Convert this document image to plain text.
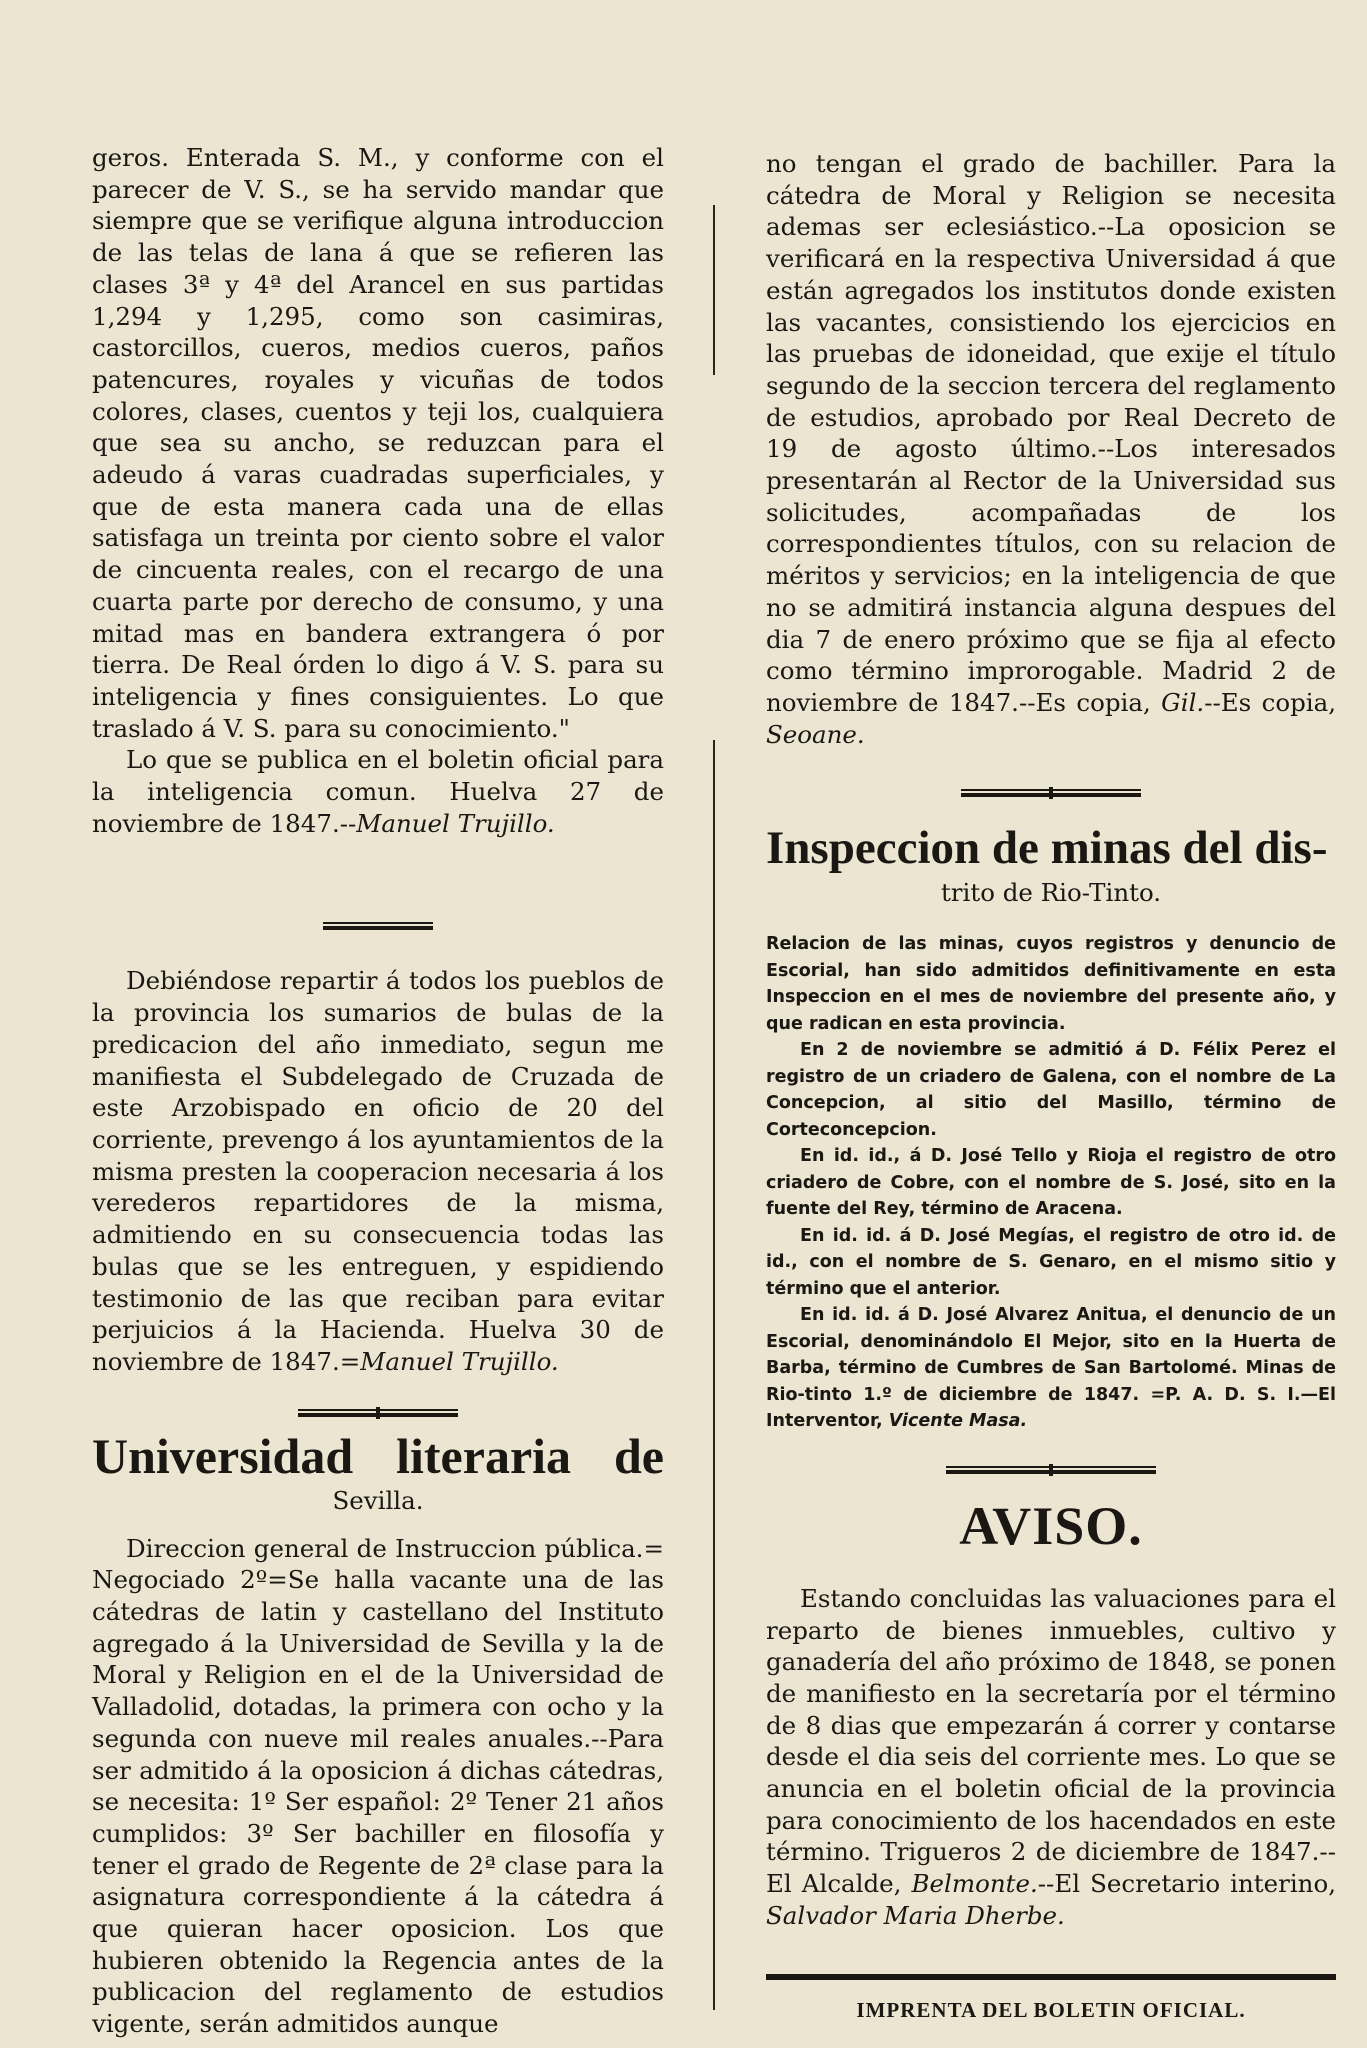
geros. Enterada S. M., y conforme con el parecer de V. S., se ha servido mandar que siempre que se verifique alguna introduccion de las telas de lana á que se refieren las clases 3ª y 4ª del Arancel en sus partidas 1,294 y 1,295, como son casimiras, castorcillos, cueros, medios cueros, paños patencures, royales y vicuñas de todos colores, clases, cuentos y teji los, cualquiera que sea su ancho, se reduzcan para el adeudo á varas cuadradas superficiales, y que de esta manera cada una de ellas satisfaga un treinta por ciento sobre el valor de cincuenta reales, con el recargo de una cuarta parte por derecho de consumo, y una mitad mas en bandera extrangera ó por tierra. De Real órden lo digo á V. S. para su inteligencia y fines consiguientes. Lo que traslado á V. S. para su conocimiento."

Lo que se publica en el boletin oficial para la inteligencia comun. Huelva 27 de noviembre de 1847.--Manuel Trujillo.

Debiéndose repartir á todos los pueblos de la provincia los sumarios de bulas de la predicacion del año inmediato, segun me manifiesta el Subdelegado de Cruzada de este Arzobispado en oficio de 20 del corriente, prevengo á los ayuntamientos de la misma presten la cooperacion necesaria á los verederos repartidores de la misma, admitiendo en su consecuencia todas las bulas que se les entreguen, y espidiendo testimonio de las que reciban para evitar perjuicios á la Hacienda. Huelva 30 de noviembre de 1847.=Manuel Trujillo.

Universidad literaria de

Sevilla.

Direccion general de Instruccion pública.= Negociado 2º=Se halla vacante una de las cátedras de latin y castellano del Instituto agregado á la Universidad de Sevilla y la de Moral y Religion en el de la Universidad de Valladolid, dotadas, la primera con ocho y la segunda con nueve mil reales anuales.--Para ser admitido á la oposicion á dichas cátedras, se necesita: 1º Ser español: 2º Tener 21 años cumplidos: 3º Ser bachiller en filosofía y tener el grado de Regente de 2ª clase para la asignatura correspondiente á la cátedra á que quieran hacer oposicion. Los que hubieren obtenido la Regencia antes de la publicacion del reglamento de estudios vigente, serán admitidos aunque

no tengan el grado de bachiller. Para la cátedra de Moral y Religion se necesita ademas ser eclesiástico.--La oposicion se verificará en la respectiva Universidad á que están agregados los institutos donde existen las vacantes, consistiendo los ejercicios en las pruebas de idoneidad, que exije el título segundo de la seccion tercera del reglamento de estudios, aprobado por Real Decreto de 19 de agosto último.--Los interesados presentarán al Rector de la Universidad sus solicitudes, acompañadas de los correspondientes títulos, con su relacion de méritos y servicios; en la inteligencia de que no se admitirá instancia alguna despues del dia 7 de enero próximo que se fija al efecto como término improrogable. Madrid 2 de noviembre de 1847.--Es copia, Gil.--Es copia, Seoane.

Inspeccion de minas del dis-

trito de Rio-Tinto.

Relacion de las minas, cuyos registros y denuncio de Escorial, han sido admitidos definitivamente en esta Inspeccion en el mes de noviembre del presente año, y que radican en esta provincia.

En 2 de noviembre se admitió á D. Félix Perez el registro de un criadero de Galena, con el nombre de La Concepcion, al sitio del Masillo, término de Corteconcepcion.

En id. id., á D. José Tello y Rioja el registro de otro criadero de Cobre, con el nombre de S. José, sito en la fuente del Rey, término de Aracena.

En id. id. á D. José Megías, el registro de otro id. de id., con el nombre de S. Genaro, en el mismo sitio y término que el anterior.

En id. id. á D. José Alvarez Anitua, el denuncio de un Escorial, denominándolo El Mejor, sito en la Huerta de Barba, término de Cumbres de San Bartolomé. Minas de Rio-tinto 1.º de diciembre de 1847. =P. A. D. S. I.—El Interventor, Vicente Masa.

AVISO.

Estando concluidas las valuaciones para el reparto de bienes inmuebles, cultivo y ganadería del año próximo de 1848, se ponen de manifiesto en la secretaría por el término de 8 dias que empezarán á correr y contarse desde el dia seis del corriente mes. Lo que se anuncia en el boletin oficial de la provincia para conocimiento de los hacendados en este término. Trigueros 2 de diciembre de 1847.--El Alcalde, Belmonte.--El Secretario interino, Salvador Maria Dherbe.

IMPRENTA DEL BOLETIN OFICIAL.
